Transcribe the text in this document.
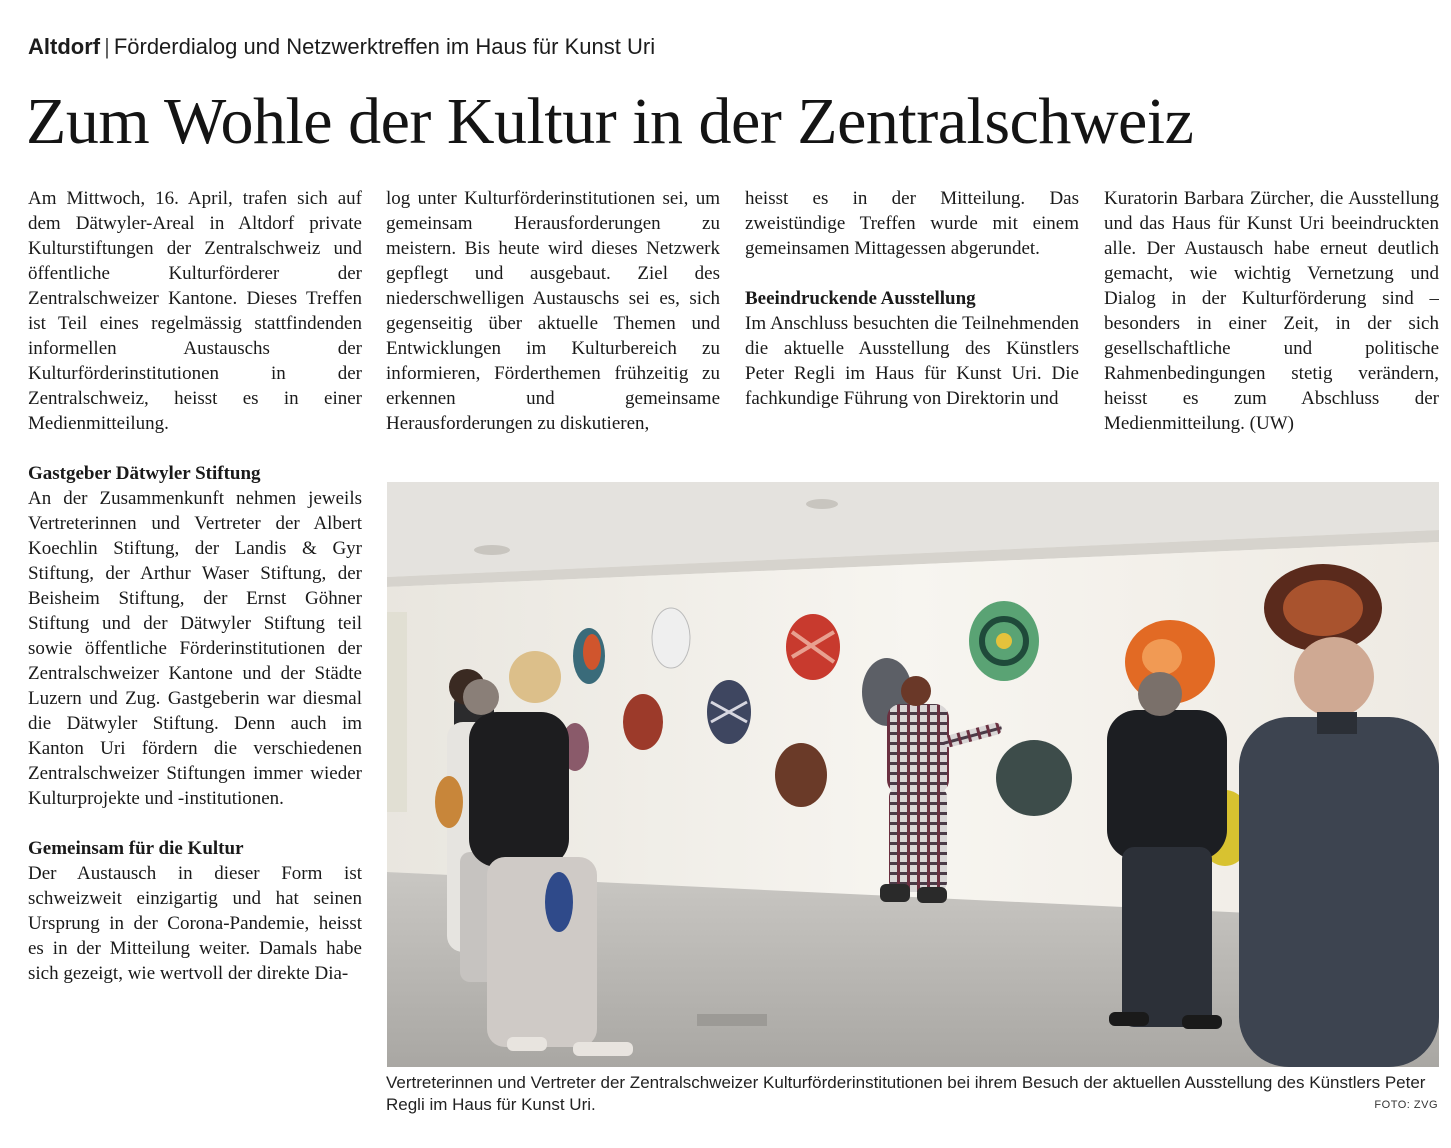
Altdorf | Förderdialog und Netzwerktreffen im Haus für Kunst Uri
Zum Wohle der Kultur in der Zentralschweiz

Am Mittwoch, 16. April, trafen sich auf dem Dätwyler-Areal in Altdorf private Kulturstiftungen der Zentralschweiz und öffentliche Kulturförderer der Zentralschweizer Kantone. Dieses Treffen ist Teil eines regelmässig stattfindenden informellen Austauschs der Kulturförderinstitutionen in der Zentralschweiz, heisst es in einer Medienmitteilung.

Gastgeber Dätwyler Stiftung

An der Zusammenkunft nehmen jeweils Vertreterinnen und Vertreter der Albert Koechlin Stiftung, der Landis & Gyr Stiftung, der Arthur Waser Stiftung, der Beisheim Stiftung, der Ernst Göhner Stiftung und der Dätwyler Stiftung teil sowie öffentliche Förderinstitutionen der Zentralschweizer Kantone und der Städte Luzern und Zug. Gastgeberin war diesmal die Dätwyler Stiftung. Denn auch im Kanton Uri fördern die verschiedenen Zentralschweizer Stiftungen immer wieder Kulturprojekte und -institutionen.

Gemeinsam für die Kultur

Der Austausch in dieser Form ist schweizweit einzigartig und hat seinen Ursprung in der Corona-Pandemie, heisst es in der Mitteilung weiter. Damals habe sich gezeigt, wie wertvoll der direkte Dia-

log unter Kulturförderinstitutionen sei, um gemeinsam Herausforderungen zu meistern. Bis heute wird dieses Netzwerk gepflegt und ausgebaut. Ziel des niederschwelligen Austauschs sei es, sich gegenseitig über aktuelle Themen und Entwicklungen im Kulturbereich zu informieren, Förderthemen frühzeitig zu erkennen und gemeinsame Herausforderungen zu diskutieren,

heisst es in der Mitteilung. Das zweistündige Treffen wurde mit einem gemeinsamen Mittagessen abgerundet.

Beeindruckende Ausstellung

Im Anschluss besuchten die Teilnehmenden die aktuelle Ausstellung des Künstlers Peter Regli im Haus für Kunst Uri. Die fachkundige Führung von Direktorin und

Kuratorin Barbara Zürcher, die Ausstellung und das Haus für Kunst Uri beeindruckten alle. Der Austausch habe erneut deutlich gemacht, wie wichtig Vernetzung und Dialog in der Kulturförderung sind – besonders in einer Zeit, in der sich gesellschaftliche und politische Rahmenbedingungen stetig verändern, heisst es zum Abschluss der Medienmitteilung. (UW)

Vertreterinnen und Vertreter der Zentralschweizer Kulturförderinstitutionen bei ihrem Besuch der aktuellen Ausstellung des Künstlers Peter Regli im Haus für Kunst Uri.	FOTO: ZVG
